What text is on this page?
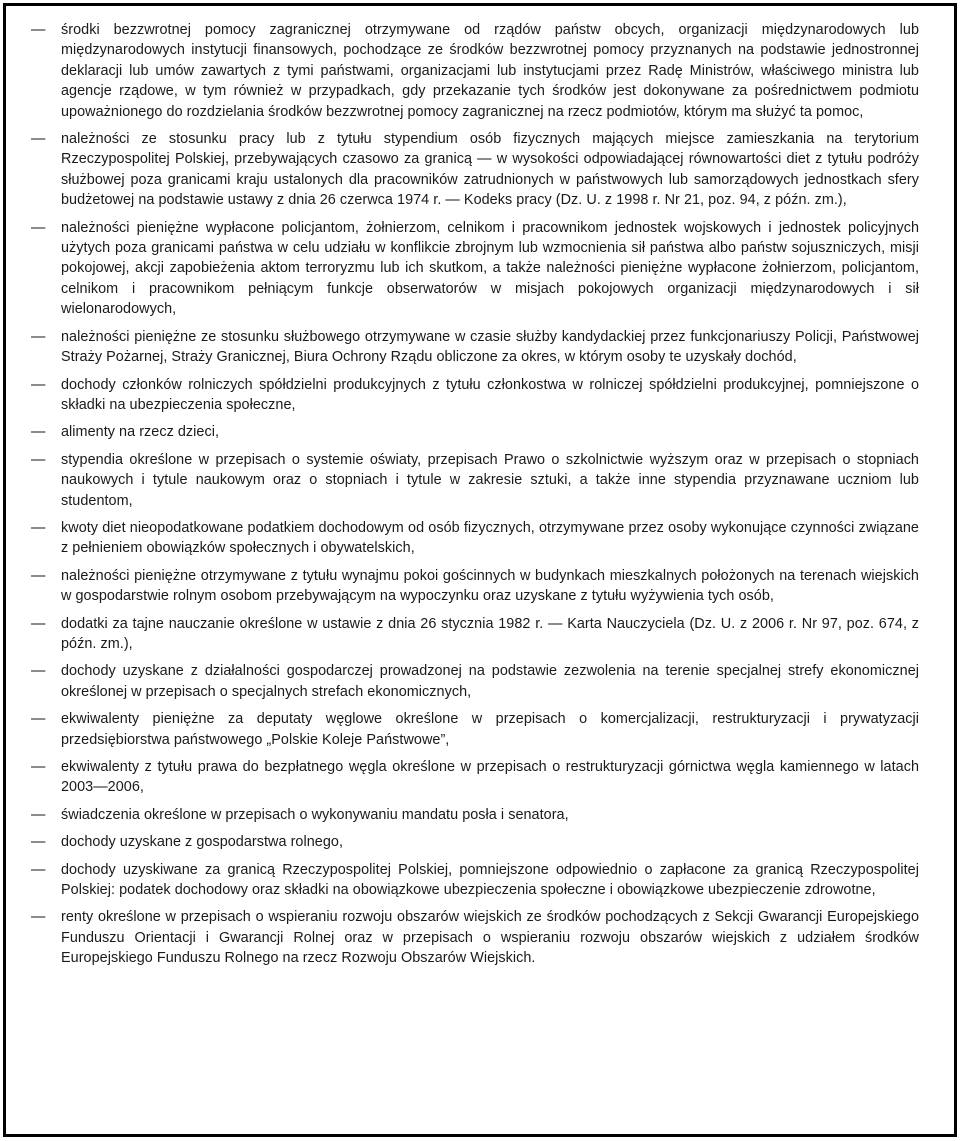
—	środki bezzwrotnej pomocy zagranicznej otrzymywane od rządów państw obcych, organizacji międzynarodowych lub międzynarodowych instytucji finansowych, pochodzące ze środków bezzwrotnej pomocy przyznanych na podstawie jednostronnej deklaracji lub umów zawartych z tymi państwami, organizacjami lub instytucjami przez Radę Ministrów, właściwego ministra lub agencje rządowe, w tym również w przypadkach, gdy przekazanie tych środków jest dokonywane za pośrednictwem podmiotu upoważnionego do rozdzielania środków bezzwrotnej pomocy zagranicznej na rzecz podmiotów, którym ma służyć ta pomoc,
—	należności ze stosunku pracy lub z tytułu stypendium osób fizycznych mających miejsce zamieszkania na terytorium Rzeczypospolitej Polskiej, przebywających czasowo za granicą — w wysokości odpowiadającej równowartości diet z tytułu podróży służbowej poza granicami kraju ustalonych dla pracowników zatrudnionych w państwowych lub samorządowych jednostkach sfery budżetowej na podstawie ustawy z dnia 26 czerwca 1974 r. — Kodeks pracy (Dz. U. z 1998 r. Nr 21, poz. 94, z późn. zm.),
—	należności pieniężne wypłacone policjantom, żołnierzom, celnikom i pracownikom jednostek wojskowych i jednostek policyjnych użytych poza granicami państwa w celu udziału w konflikcie zbrojnym lub wzmocnienia sił państwa albo państw sojuszniczych, misji pokojowej, akcji zapobieżenia aktom terroryzmu lub ich skutkom, a także należności pieniężne wypłacone żołnierzom, policjantom, celnikom i pracownikom pełniącym funkcje obserwatorów w misjach pokojowych organizacji międzynarodowych i sił wielonarodowych,
—	należności pieniężne ze stosunku służbowego otrzymywane w czasie służby kandydackiej przez funkcjonariuszy Policji, Państwowej Straży Pożarnej, Straży Granicznej, Biura Ochrony Rządu obliczone za okres, w którym osoby te uzyskały dochód,
—	dochody członków rolniczych spółdzielni produkcyjnych z tytułu członkostwa w rolniczej spółdzielni produkcyjnej, pomniejszone o składki na ubezpieczenia społeczne,
—	alimenty na rzecz dzieci,
—	stypendia określone w przepisach o systemie oświaty, przepisach Prawo o szkolnictwie wyższym oraz w przepisach o stopniach naukowych i tytule naukowym oraz o stopniach i tytule w zakresie sztuki, a także inne stypendia przyznawane uczniom lub studentom,
—	kwoty diet nieopodatkowane podatkiem dochodowym od osób fizycznych, otrzymywane przez osoby wykonujące czynności związane z pełnieniem obowiązków społecznych i obywatelskich,
—	należności pieniężne otrzymywane z tytułu wynajmu pokoi gościnnych w budynkach mieszkalnych położonych na terenach wiejskich w gospodarstwie rolnym osobom przebywającym na wypoczynku oraz uzyskane z tytułu wyżywienia tych osób,
—	dodatki za tajne nauczanie określone w ustawie z dnia 26 stycznia 1982 r. — Karta Nauczyciela (Dz. U. z 2006 r. Nr 97, poz. 674, z późn. zm.),
—	dochody uzyskane z działalności gospodarczej prowadzonej na podstawie zezwolenia na terenie specjalnej strefy ekonomicznej określonej w przepisach o specjalnych strefach ekonomicznych,
—	ekwiwalenty pieniężne za deputaty węglowe określone w przepisach o komercjalizacji, restrukturyzacji i prywatyzacji przedsiębiorstwa państwowego „Polskie Koleje Państwowe”,
—	ekwiwalenty z tytułu prawa do bezpłatnego węgla określone w przepisach o restrukturyzacji górnictwa węgla kamiennego w latach 2003—2006,
—	świadczenia określone w przepisach o wykonywaniu mandatu posła i senatora,
—	dochody uzyskane z gospodarstwa rolnego,
—	dochody uzyskiwane za granicą Rzeczypospolitej Polskiej, pomniejszone odpowiednio o zapłacone za granicą Rzeczypospolitej Polskiej: podatek dochodowy oraz składki na obowiązkowe ubezpieczenia społeczne i obowiązkowe ubezpieczenie zdrowotne,
—	renty określone w przepisach o wspieraniu rozwoju obszarów wiejskich ze środków pochodzących z Sekcji Gwarancji Europejskiego Funduszu Orientacji i Gwarancji Rolnej oraz w przepisach o wspieraniu rozwoju obszarów wiejskich z udziałem środków Europejskiego Funduszu Rolnego na rzecz Rozwoju Obszarów Wiejskich.
